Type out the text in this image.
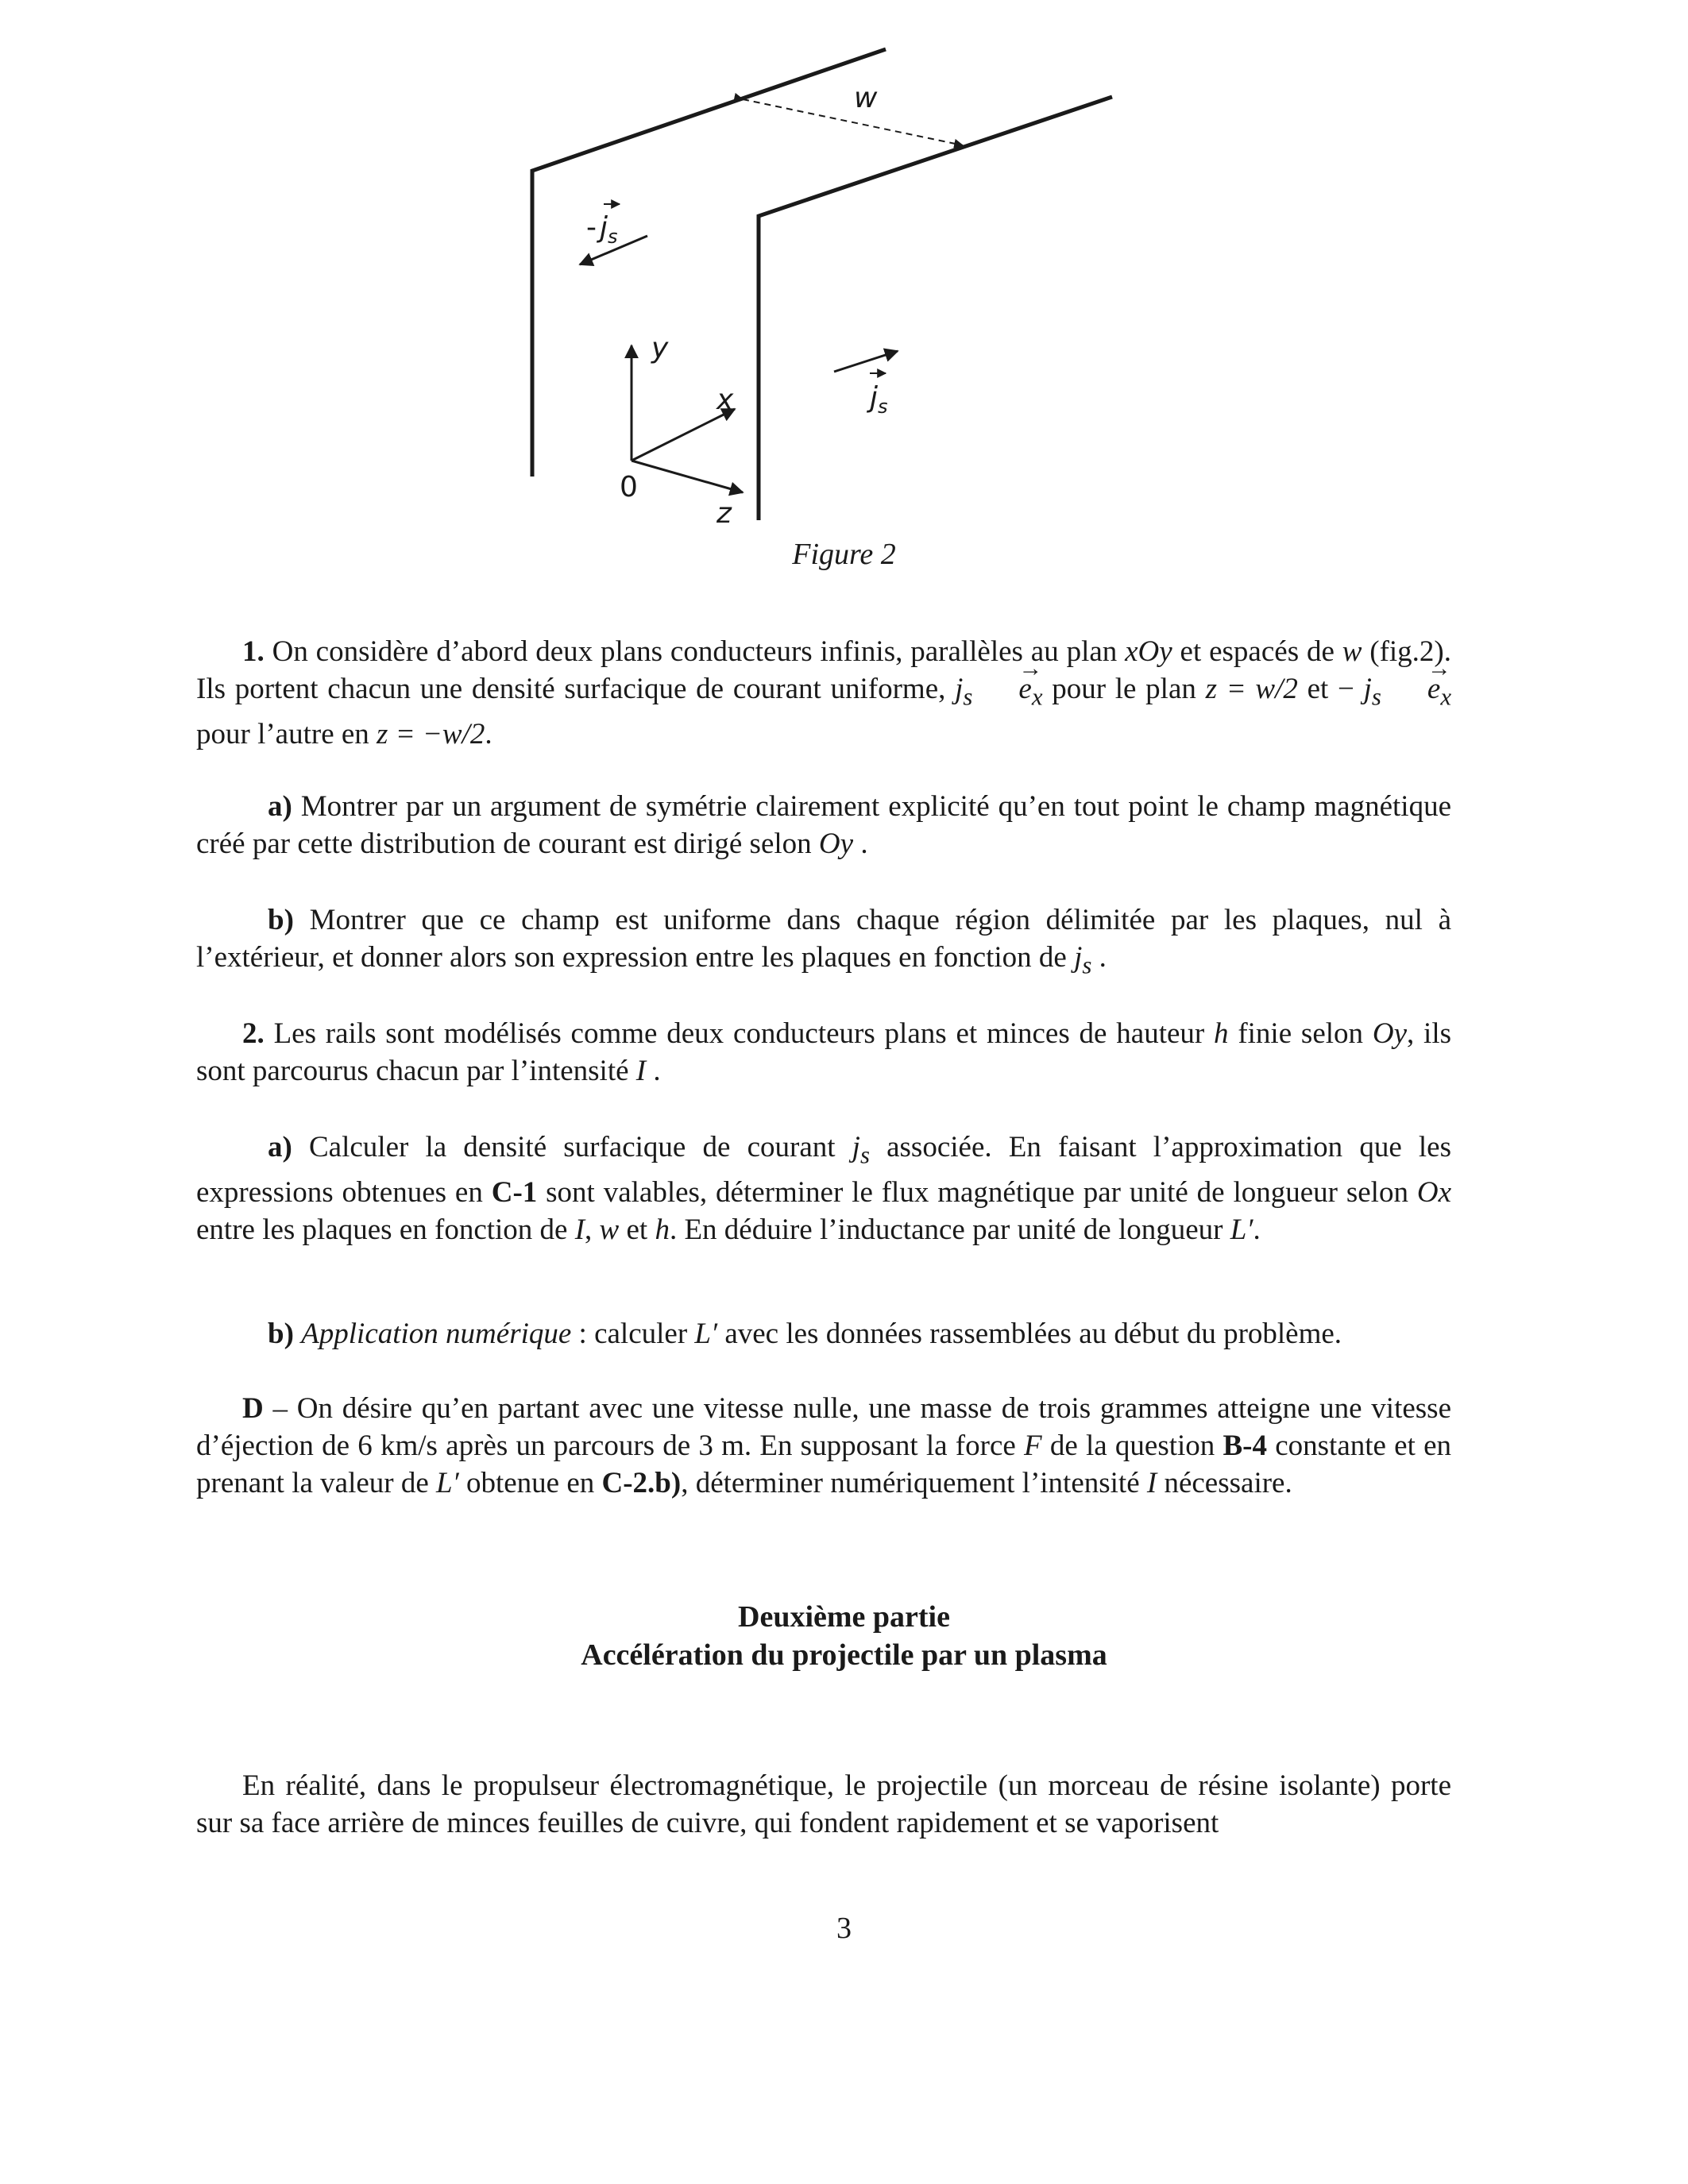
w
- $j_s$
$j_s$
y
x
z
0
Figure 2
1. On considère d’abord deux plans conducteurs infinis, parallèles au plan xOy et espacés de w (fig.2). Ils portent chacun une densité surfacique de courant uniforme, $j_s \to e_x$ pour le plan z = w/2 et − $j_s \to e_x$ pour l’autre en z = −w/2.
a) Montrer par un argument de symétrie clairement explicité qu’en tout point le champ magnétique créé par cette distribution de courant est dirigé selon Oy .
b) Montrer que ce champ est uniforme dans chaque région délimitée par les plaques, nul à l’extérieur, et donner alors son expression entre les plaques en fonction de $j_s$ .
2. Les rails sont modélisés comme deux conducteurs plans et minces de hauteur h finie selon Oy, ils sont parcourus chacun par l’intensité I .
a) Calculer la densité surfacique de courant $j_s$ associée. En faisant l’approximation que les expressions obtenues en C-1 sont valables, déterminer le flux magnétique par unité de longueur selon Ox entre les plaques en fonction de I, w et h. En déduire l’inductance par unité de longueur L′.
b) Application numérique : calculer L′ avec les données rassemblées au début du problème.
D – On désire qu’en partant avec une vitesse nulle, une masse de trois grammes atteigne une vitesse d’éjection de 6 km/s après un parcours de 3 m. En supposant la force F de la question B-4 constante et en prenant la valeur de L′ obtenue en C-2.b), déterminer numériquement l’intensité I nécessaire.
Deuxième partie
Accélération du projectile par un plasma
En réalité, dans le propulseur électromagnétique, le projectile (un morceau de résine isolante) porte sur sa face arrière de minces feuilles de cuivre, qui fondent rapidement et se vaporisent
3
